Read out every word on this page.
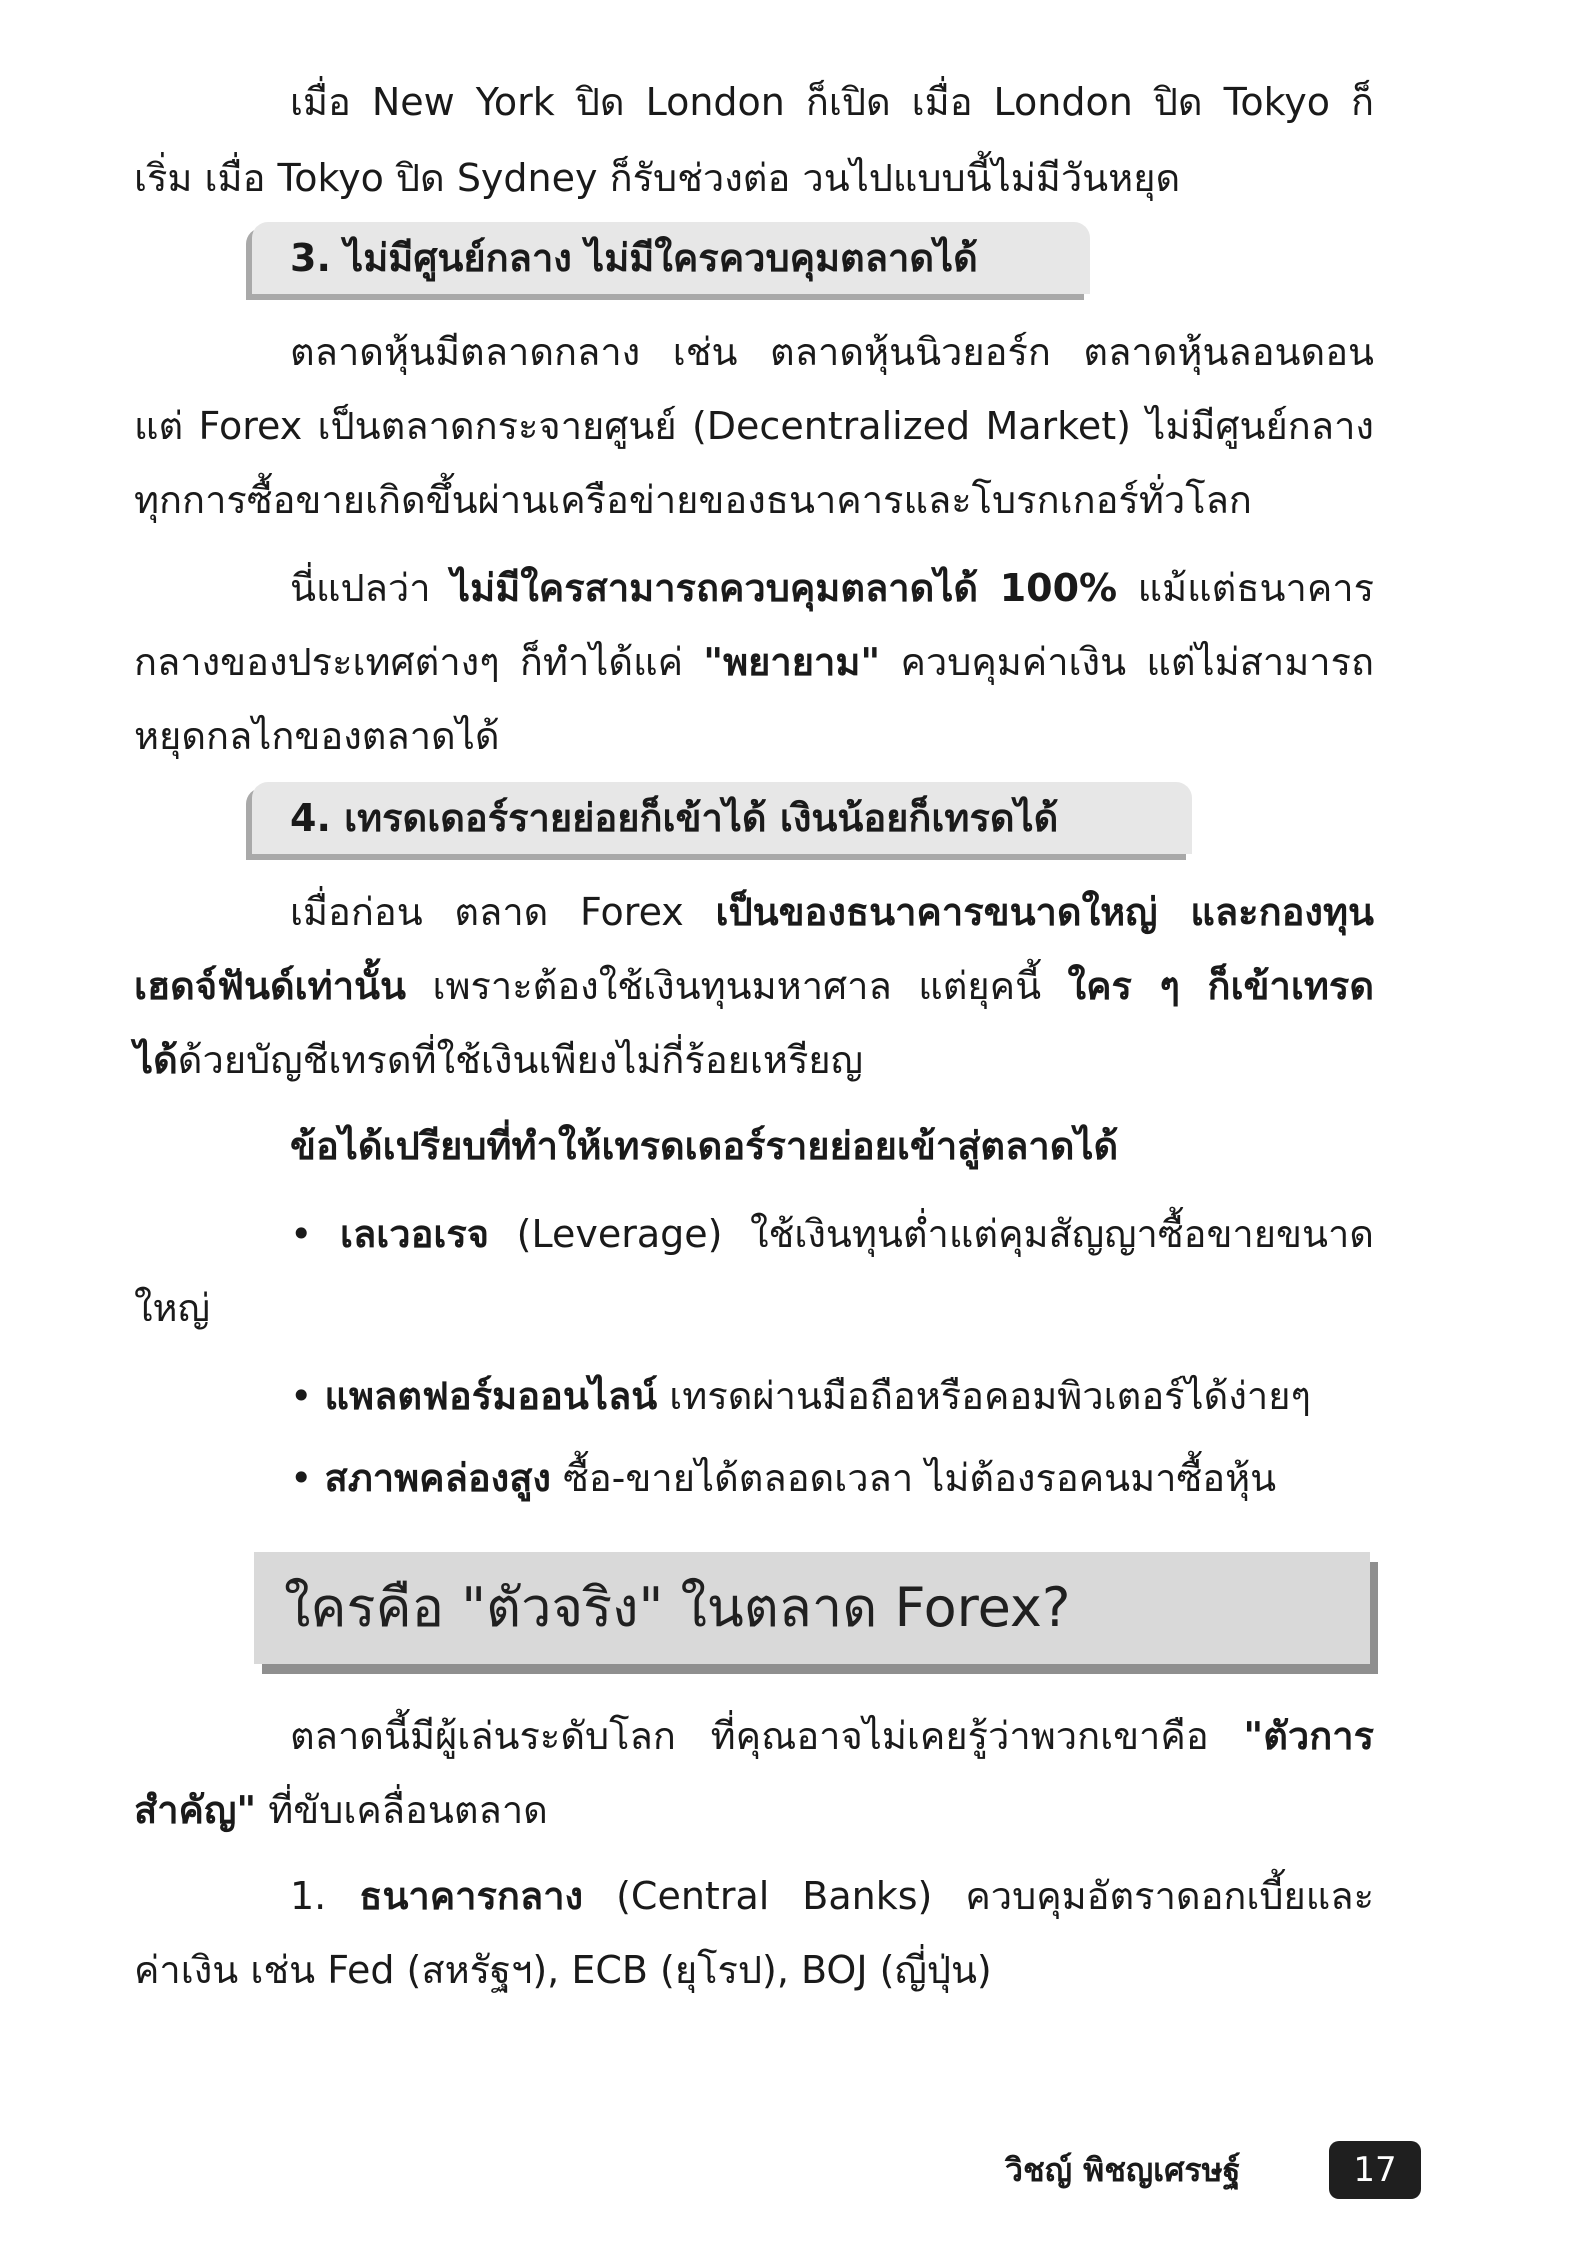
เมื่อ New York ปิด London ก็เปิด เมื่อ London ปิด Tokyo ก็
เริ่ม เมื่อ Tokyo ปิด Sydney ก็รับช่วงต่อ วนไปแบบนี้ไม่มีวันหยุด
3. ไม่มีศูนย์กลาง ไม่มีใครควบคุมตลาดได้
ตลาดหุ้นมีตลาดกลาง เช่น ตลาดหุ้นนิวยอร์ก ตลาดหุ้นลอนดอน
แต่ Forex เป็นตลาดกระจายศูนย์ (Decentralized Market) ไม่มีศูนย์กลาง
ทุกการซื้อขายเกิดขึ้นผ่านเครือข่ายของธนาคารและโบรกเกอร์ทั่วโลก
นี่แปลว่า ไม่มีใครสามารถควบคุมตลาดได้ 100% แม้แต่ธนาคาร
กลางของประเทศต่างๆ ก็ทำได้แค่ "พยายาม" ควบคุมค่าเงิน แต่ไม่สามารถ
หยุดกลไกของตลาดได้
4. เทรดเดอร์รายย่อยก็เข้าได้ เงินน้อยก็เทรดได้
เมื่อก่อน ตลาด Forex เป็นของธนาคารขนาดใหญ่ และกองทุน
เฮดจ์ฟันด์เท่านั้น เพราะต้องใช้เงินทุนมหาศาล แต่ยุคนี้ ใคร ๆ ก็เข้าเทรด
ได้ด้วยบัญชีเทรดที่ใช้เงินเพียงไม่กี่ร้อยเหรียญ
ข้อได้เปรียบที่ทำให้เทรดเดอร์รายย่อยเข้าสู่ตลาดได้
• เลเวอเรจ (Leverage) ใช้เงินทุนต่ำแต่คุมสัญญาซื้อขายขนาด
ใหญ่
• แพลตฟอร์มออนไลน์ เทรดผ่านมือถือหรือคอมพิวเตอร์ได้ง่ายๆ
• สภาพคล่องสูง ซื้อ-ขายได้ตลอดเวลา ไม่ต้องรอคนมาซื้อหุ้น
ใครคือ "ตัวจริง" ในตลาด Forex?
ตลาดนี้มีผู้เล่นระดับโลก ที่คุณอาจไม่เคยรู้ว่าพวกเขาคือ "ตัวการ
สำคัญ" ที่ขับเคลื่อนตลาด
1. ธนาคารกลาง (Central Banks) ควบคุมอัตราดอกเบี้ยและ
ค่าเงิน เช่น Fed (สหรัฐฯ), ECB (ยุโรป), BOJ (ญี่ปุ่น)
วิชญ์ พิชญเศรษฐ์	17
